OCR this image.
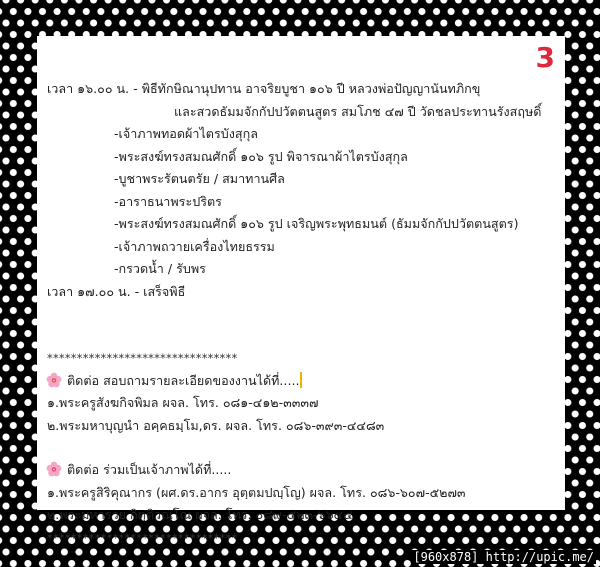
3
เวลา ๑๖.๐๐ น. - พิธีทักษิณานุปทาน อาจริยบูชา ๑๐๖ ปี หลวงพ่อปัญญานันทภิกขุ
และสวดธัมมจักกัปปวัตตนสูตร สมโภช ๔๗ ปี วัดชลประทานรังสฤษดิ์
-เจ้าภาพทอดผ้าไตรบังสุกุล
-พระสงฆ์ทรงสมณศักดิ์ ๑๐๖ รูป พิจารณาผ้าไตรบังสุกุล
-บูชาพระรัตนตรัย / สมาทานศีล
-อาราธนาพระปริตร
-พระสงฆ์ทรงสมณศักดิ์ ๑๐๖ รูป เจริญพระพุทธมนต์ (ธัมมจักกัปปวัตตนสูตร)
-เจ้าภาพถวายเครื่องไทยธรรม
-กรวดน้ำ / รับพร
เวลา ๑๗.๐๐ น. - เสร็จพิธี
********************************
ติดต่อ สอบถามรายละเอียดของงานได้ที่.....
๑.พระครูสังฆกิจพิมล ผจล. โทร. ๐๘๑-๔๑๒-๓๓๓๗
๒.พระมหาบุญนำ อคฺคธมฺโม,ดร. ผจล. โทร. ๐๘๖-๓๙๓-๔๔๘๓
ติดต่อ ร่วมเป็นเจ้าภาพได้ที่.....
๑.พระครูสิริคุณากร (ผศ.ดร.อากร อุตฺตมปญฺโญ) ผจล. โทร. ๐๘๖-๖๐๗-๕๒๗๓
๒.พระมหารวย กิตฺติวณฺโณ ผจล. โทร. ๐๘๙-๕๒๓-๖๖๔๔
********************************
[960x878] http://upic.me/
